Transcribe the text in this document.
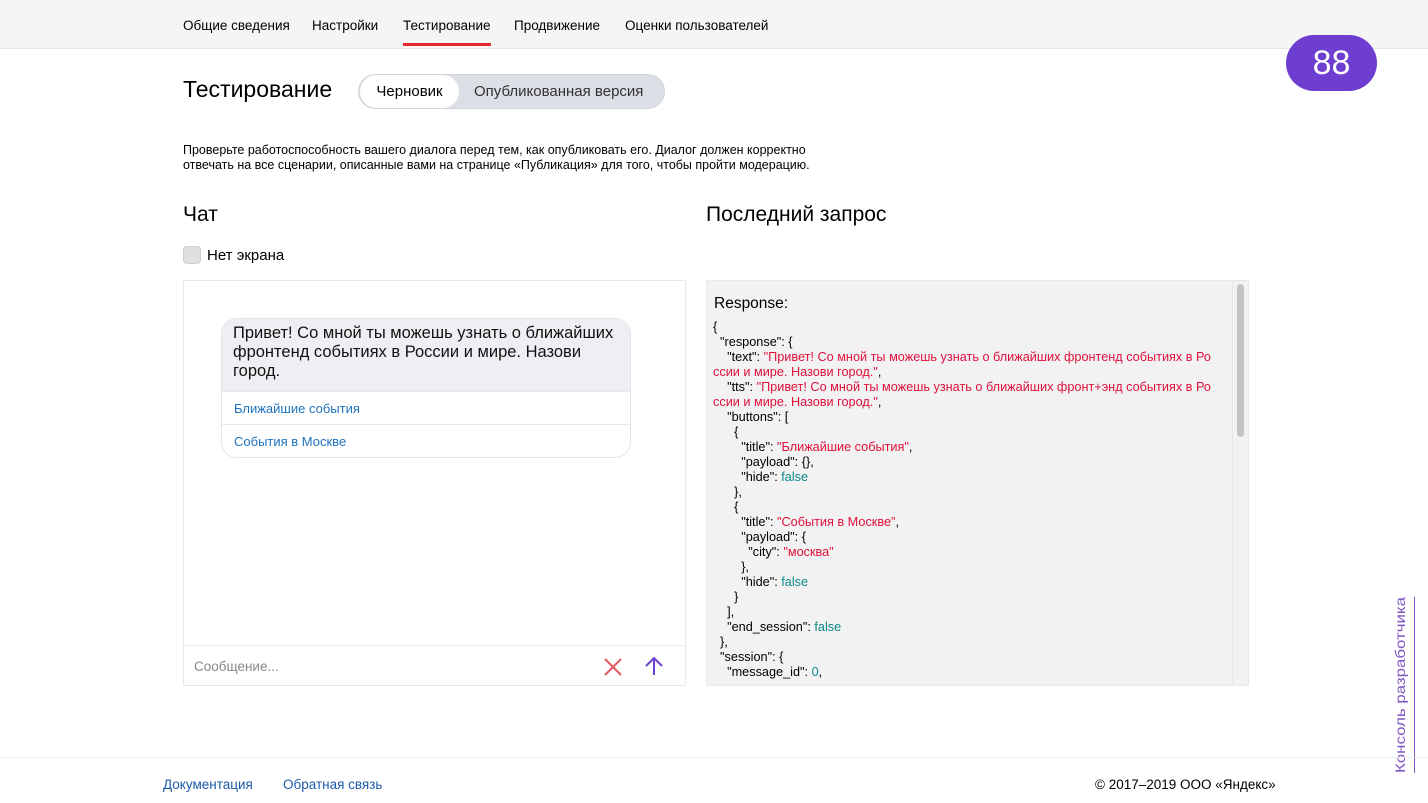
Общие сведения Настройки Тестирование Продвижение Оценки пользователей
88
Тестирование	Черновик	Опубликованная версия
Проверьте работоспособность вашего диалога перед тем, как опубликовать его. Диалог должен корректно
отвечать на все сценарии, описанные вами на странице «Публикация» для того, чтобы пройти модерацию.
Чат	Последний запрос
Нет экрана
Привет! Со мной ты можешь узнать о ближайших фронтенд событиях в России и мире. Назови город.
Ближайшие события
События в Москве
Сообщение...
Response:
{
"response": {
"text": "Привет! Со мной ты можешь узнать о ближайших фронтенд событиях в Ро
ссии и мире. Назови город.",
"tts": "Привет! Со мной ты можешь узнать о ближайших фронт+энд событиях в Ро
ссии и мире. Назови город.",
"buttons": [
{
"title": "Ближайшие события",
"payload": {},
"hide": false
},
{
"title": "События в Москве",
"payload": {
"city": "москва"
},
"hide": false
}
],
"end_session": false
},
"session": {
"message_id": 0,	Консоль разработчика
Документация Обратная связь	© 2017–2019 ООО «Яндекс»
